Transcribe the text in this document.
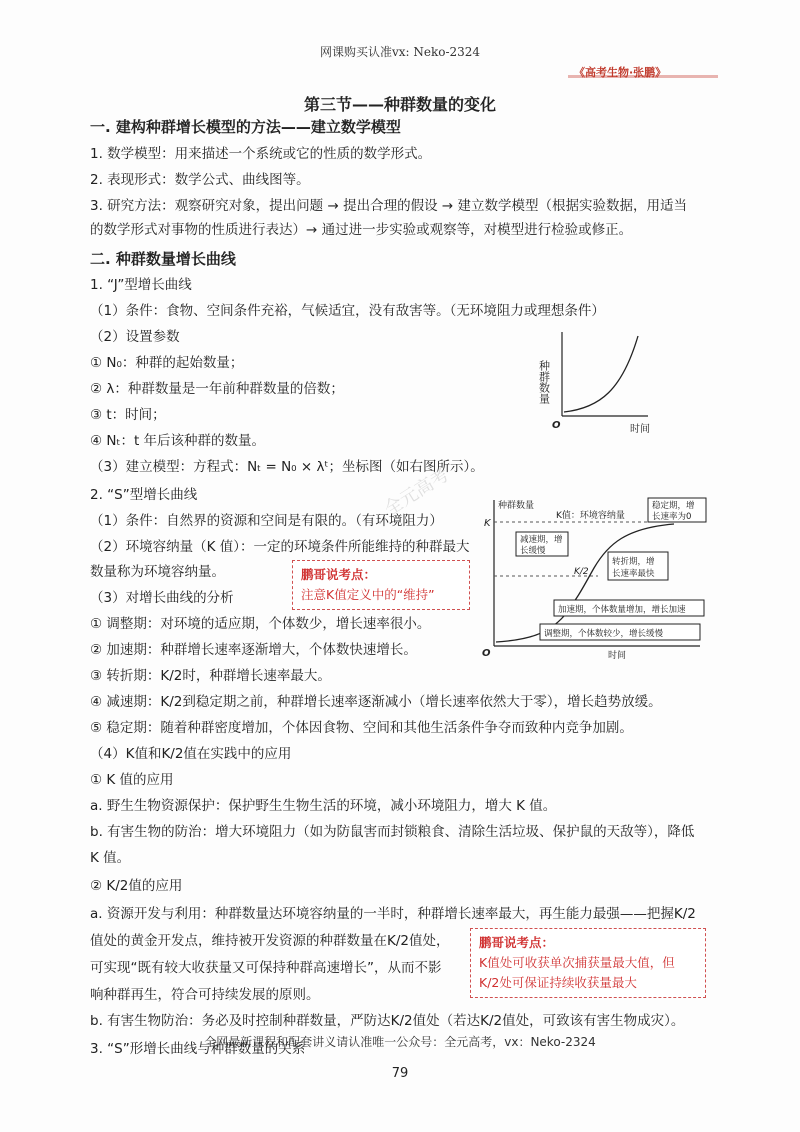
网课购买认准vx: Neko-2324
《高考生物·张鹏》
第三节——种群数量的变化
一. 建构种群增长模型的方法——建立数学模型
1. 数学模型：用来描述一个系统或它的性质的数学形式。
2. 表现形式：数学公式、曲线图等。
3. 研究方法：观察研究对象，提出问题 → 提出合理的假设 → 建立数学模型（根据实验数据，用适当
的数学形式对事物的性质进行表达）→ 通过进一步实验或观察等，对模型进行检验或修正。
二. 种群数量增长曲线
1. “J”型增长曲线
（1）条件：食物、空间条件充裕，气候适宜，没有敌害等。（无环境阻力或理想条件）
（2）设置参数
① N₀：种群的起始数量；
② λ：种群数量是一年前种群数量的倍数；
③ t：时间；
④ Nₜ：t 年后该种群的数量。
（3）建立模型：方程式：Nₜ = N₀ × λᵗ；坐标图（如右图所示）。
种群数量
O	时间
2. “S”型增长曲线
（1）条件：自然界的资源和空间是有限的。（有环境阻力）
（2）环境容纳量（K 值）：一定的环境条件所能维持的种群最大
数量称为环境容纳量。
（3）对增长曲线的分析
鹏哥说考点：
注意K值定义中的“维持”
种群数量
K
K/2
K值：环境容纳量
O	时间
稳定期，增
长速率为0
减速期，增
长缓慢
转折期，增
长速率最快
加速期，个体数量增加，增长加速
调整期，个体数较少，增长缓慢
① 调整期：对环境的适应期，个体数少，增长速率很小。
② 加速期：种群增长速率逐渐增大，个体数快速增长。
③ 转折期：K/2时，种群增长速率最大。
④ 减速期：K/2到稳定期之前，种群增长速率逐渐减小（增长速率依然大于零），增长趋势放缓。
⑤ 稳定期：随着种群密度增加，个体因食物、空间和其他生活条件争夺而致种内竞争加剧。
（4）K值和K/2值在实践中的应用
① K 值的应用
a. 野生生物资源保护：保护野生生物生活的环境，减小环境阻力，增大 K 值。
b. 有害生物的防治：增大环境阻力（如为防鼠害而封锁粮食、清除生活垃圾、保护鼠的天敌等），降低
K 值。
② K/2值的应用
a. 资源开发与利用：种群数量达环境容纳量的一半时，种群增长速率最大，再生能力最强——把握K/2
值处的黄金开发点，维持被开发资源的种群数量在K/2值处，
可实现“既有较大收获量又可保持种群高速增长”，从而不影
响种群再生，符合可持续发展的原则。
鹏哥说考点：
K值处可收获单次捕获量最大值，但
K/2处可保证持续收获量最大
b. 有害生物防治：务必及时控制种群数量，严防达K/2值处（若达K/2值处，可致该有害生物成灾）。
全网最新课程和配套讲义请认准唯一公众号：全元高考，vx：Neko-2324
3. “S”形增长曲线与种群数量的关系
全元高考
79
